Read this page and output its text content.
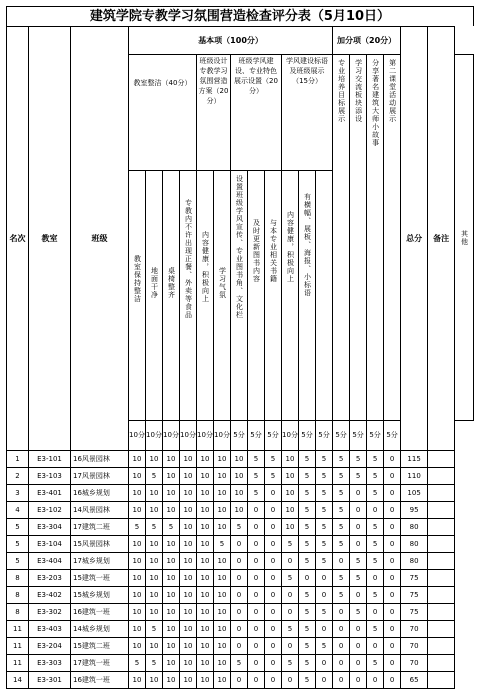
建筑学院专教学习氛围营造检查评分表（5月10日）
名次	教室	班级	基本项（100分）												加分项（20分）				总分	备注	

			教室整洁（40分）				班级设计专教学习氛围营造方案（20分）		班级学风建设、专业特色展示设置（20分）			学风建设标语及班级展示（15分）			专业培养目标展示	学习交流板块添设	分享著名建筑大师小故事	第二课堂活动展示			其他

			教室保持整洁	地面干净	桌椅整齐	专教内不许出现正餐、外卖等食品	内容健康，积极向上	学习气氛	设置班级学风宣传、专业图书角、文化栏	及时更新图书内容	与本专业相关书籍	内容健康，积极向上	有横幅、展板、海报、小标语								

			10分	10分	10分	10分	10分	10分	5分	5分	5分	10分	5分	5分	5分	5分	5分	5分			
1	E3-101	16风景园林	10	10	10	10	10	10	10	5	5	10	5	5	5	5	5	0	115		
2	E3-103	17风景园林	10	5	10	10	10	10	10	5	5	10	5	5	5	5	5	0	110		
3	E3-401	16城乡规划	10	10	10	10	10	10	10	5	0	10	5	5	5	0	5	0	105		
4	E3-102	14风景园林	10	10	10	10	10	10	10	0	0	10	5	5	5	0	0	0	95		
5	E3-304	17建筑二班	5	5	5	10	10	10	5	0	0	10	5	5	5	0	5	0	80		
5	E3-104	15风景园林	10	10	10	10	10	5	0	0	0	5	5	5	5	0	5	0	80		
5	E3-404	17城乡规划	10	10	10	10	10	10	0	0	0	0	5	5	0	5	5	0	80		
8	E3-203	15建筑一班	10	10	10	10	10	10	0	0	0	5	0	0	5	5	0	0	75		
8	E3-402	15城乡规划	10	10	10	10	10	10	0	0	0	0	5	0	5	0	5	0	75		
8	E3-302	16建筑一班	10	10	10	10	10	10	0	0	0	0	5	5	0	5	0	0	75		
11	E3-403	14城乡规划	10	5	10	10	10	10	0	0	0	5	5	0	0	0	5	0	70		
11	E3-204	15建筑二班	10	10	10	10	10	10	0	0	0	0	5	5	0	0	0	0	70		
11	E3-303	17建筑一班	5	5	10	10	10	10	5	0	0	5	5	0	0	0	5	0	70		
14	E3-301	16建筑一班	10	10	10	10	10	10	0	0	0	0	5	0	0	0	0	0	65		
